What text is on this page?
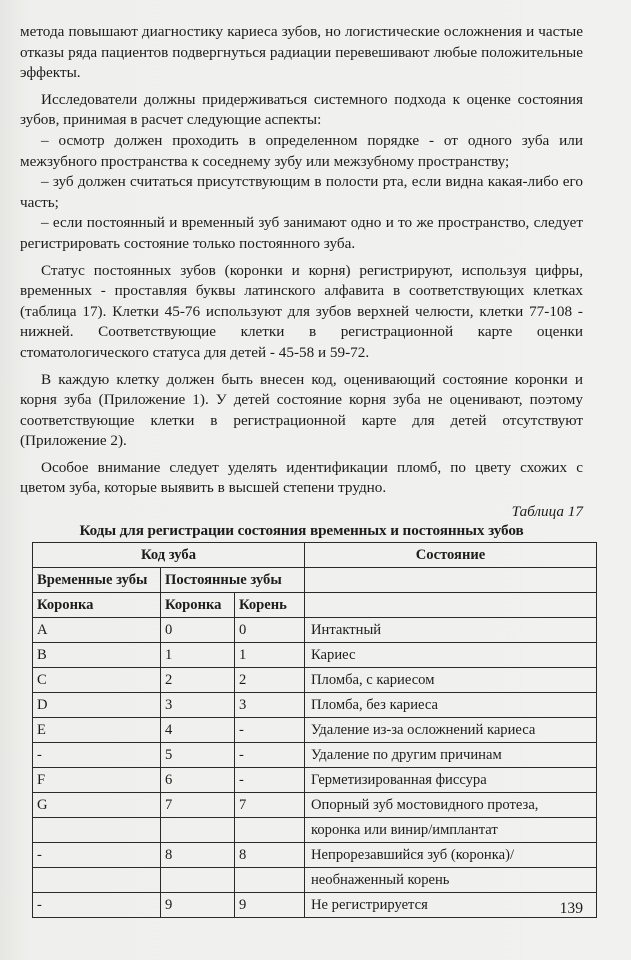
метода повышают диагностику кариеса зубов, но логистические осложнения и частые отказы ряда пациентов подвергнуться радиации перевешивают любые положительные эффекты.

Исследователи должны придерживаться системного подхода к оценке состояния зубов, принимая в расчет следующие аспекты:

– осмотр должен проходить в определенном порядке - от одного зуба или межзубного пространства к соседнему зубу или межзубному пространству;

– зуб должен считаться присутствующим в полости рта, если видна какая-либо его часть;

– если постоянный и временный зуб занимают одно и то же пространство, следует регистрировать состояние только постоянного зуба.

Статус постоянных зубов (коронки и корня) регистрируют, используя цифры, временных - проставляя буквы латинского алфавита в соответствующих клетках (таблица 17). Клетки 45-76 используют для зубов верхней челюсти, клетки 77-108 - нижней. Соответствующие клетки в регистрационной карте оценки стоматологического статуса для детей - 45-58 и 59-72.

В каждую клетку должен быть внесен код, оценивающий состояние коронки и корня зуба (Приложение 1). У детей состояние корня зуба не оценивают, поэтому соответствующие клетки в регистрационной карте для детей отсутствуют (Приложение 2).

Особое внимание следует уделять идентификации пломб, по цвету схожих с цветом зуба, которые выявить в высшей степени трудно.

Таблица 17

Коды для регистрации состояния временных и постоянных зубов

Код зуба			Состояние
Временные зубы	Постоянные зубы		
Коронка	Коронка	Корень	
A	0	0	Интактный
B	1	1	Кариес
C	2	2	Пломба, с кариесом
D	3	3	Пломба, без кариеса
E	4	-	Удаление из-за осложнений кариеса
-	5	-	Удаление по другим причинам
F	6	-	Герметизированная фиссура
G	7	7	Опорный зуб мостовидного протеза,
			коронка или винир/имплантат
-	8	8	Непрорезавшийся зуб (коронка)/
			необнаженный корень
-	9	9	Не регистрируется	139
